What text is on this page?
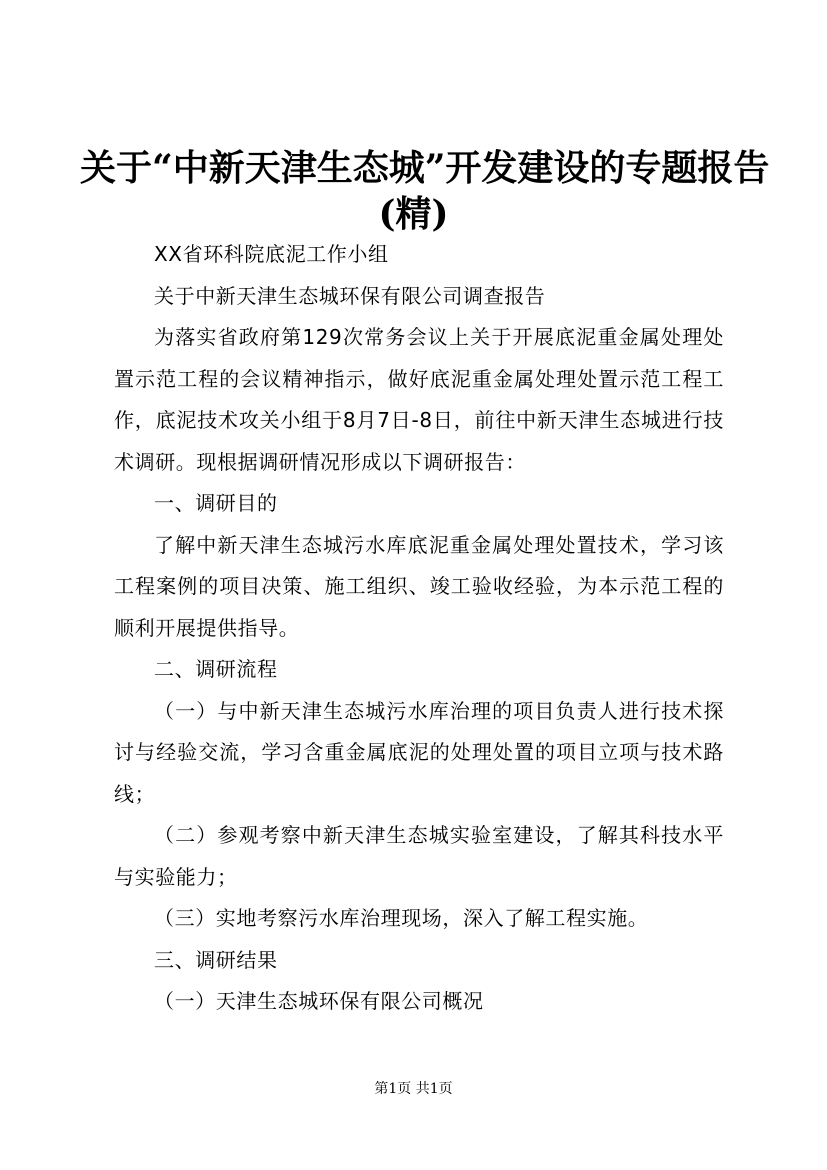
关于“中新天津生态城”开发建设的专题报告
(精)

XX省环科院底泥工作小组

关于中新天津生态城环保有限公司调查报告

为落实省政府第129次常务会议上关于开展底泥重金属处理处置示范工程的会议精神指示，做好底泥重金属处理处置示范工程工作，底泥技术攻关小组于8月7日-8日，前往中新天津生态城进行技术调研。现根据调研情况形成以下调研报告：

一、调研目的

了解中新天津生态城污水库底泥重金属处理处置技术，学习该工程案例的项目决策、施工组织、竣工验收经验，为本示范工程的顺利开展提供指导。

二、调研流程

（一）与中新天津生态城污水库治理的项目负责人进行技术探讨与经验交流，学习含重金属底泥的处理处置的项目立项与技术路线；

（二）参观考察中新天津生态城实验室建设，了解其科技水平与实验能力；

（三）实地考察污水库治理现场，深入了解工程实施。

三、调研结果

（一）天津生态城环保有限公司概况

第1页 共1页
